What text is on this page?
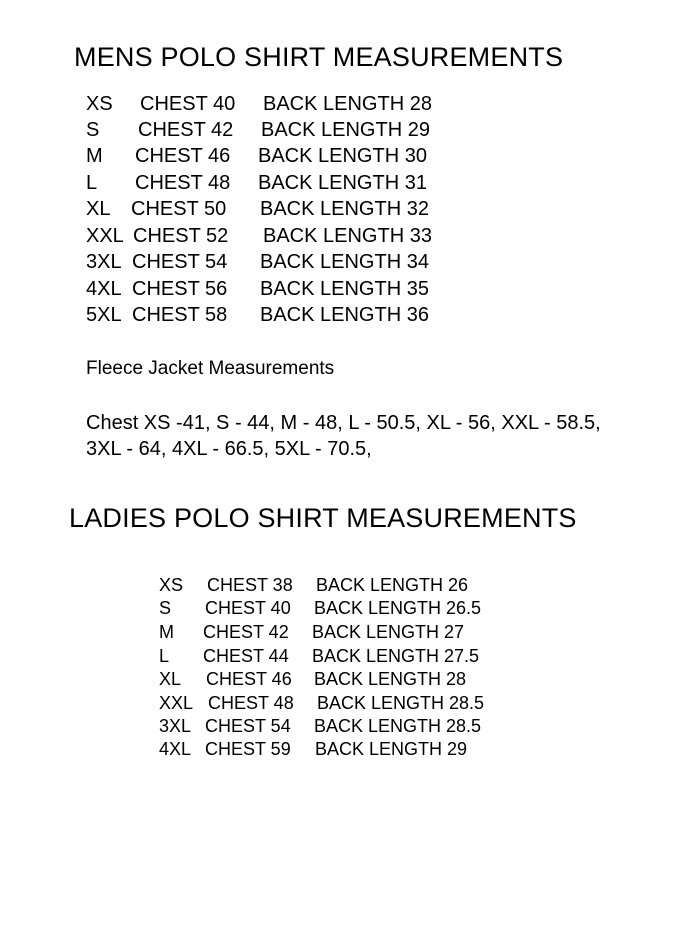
MENS POLO SHIRT MEASUREMENTS
XS CHEST 40 BACK LENGTH 28
S CHEST 42 BACK LENGTH 29
M CHEST 46 BACK LENGTH 30
L CHEST 48 BACK LENGTH 31
XL CHEST 50 BACK LENGTH 32
XXL CHEST 52 BACK LENGTH 33
3XL CHEST 54 BACK LENGTH 34
4XL CHEST 56 BACK LENGTH 35
5XL CHEST 58 BACK LENGTH 36
Fleece Jacket Measurements
Chest XS -41, S - 44, M - 48, L - 50.5, XL - 56, XXL - 58.5, 3XL - 64, 4XL - 66.5, 5XL - 70.5,
LADIES POLO SHIRT MEASUREMENTS
XS CHEST 38 BACK LENGTH 26
S CHEST 40 BACK LENGTH 26.5
M CHEST 42 BACK LENGTH 27
L CHEST 44 BACK LENGTH 27.5
XL CHEST 46 BACK LENGTH 28
XXL CHEST 48 BACK LENGTH 28.5
3XL CHEST 54 BACK LENGTH 28.5
4XL CHEST 59 BACK LENGTH 29
